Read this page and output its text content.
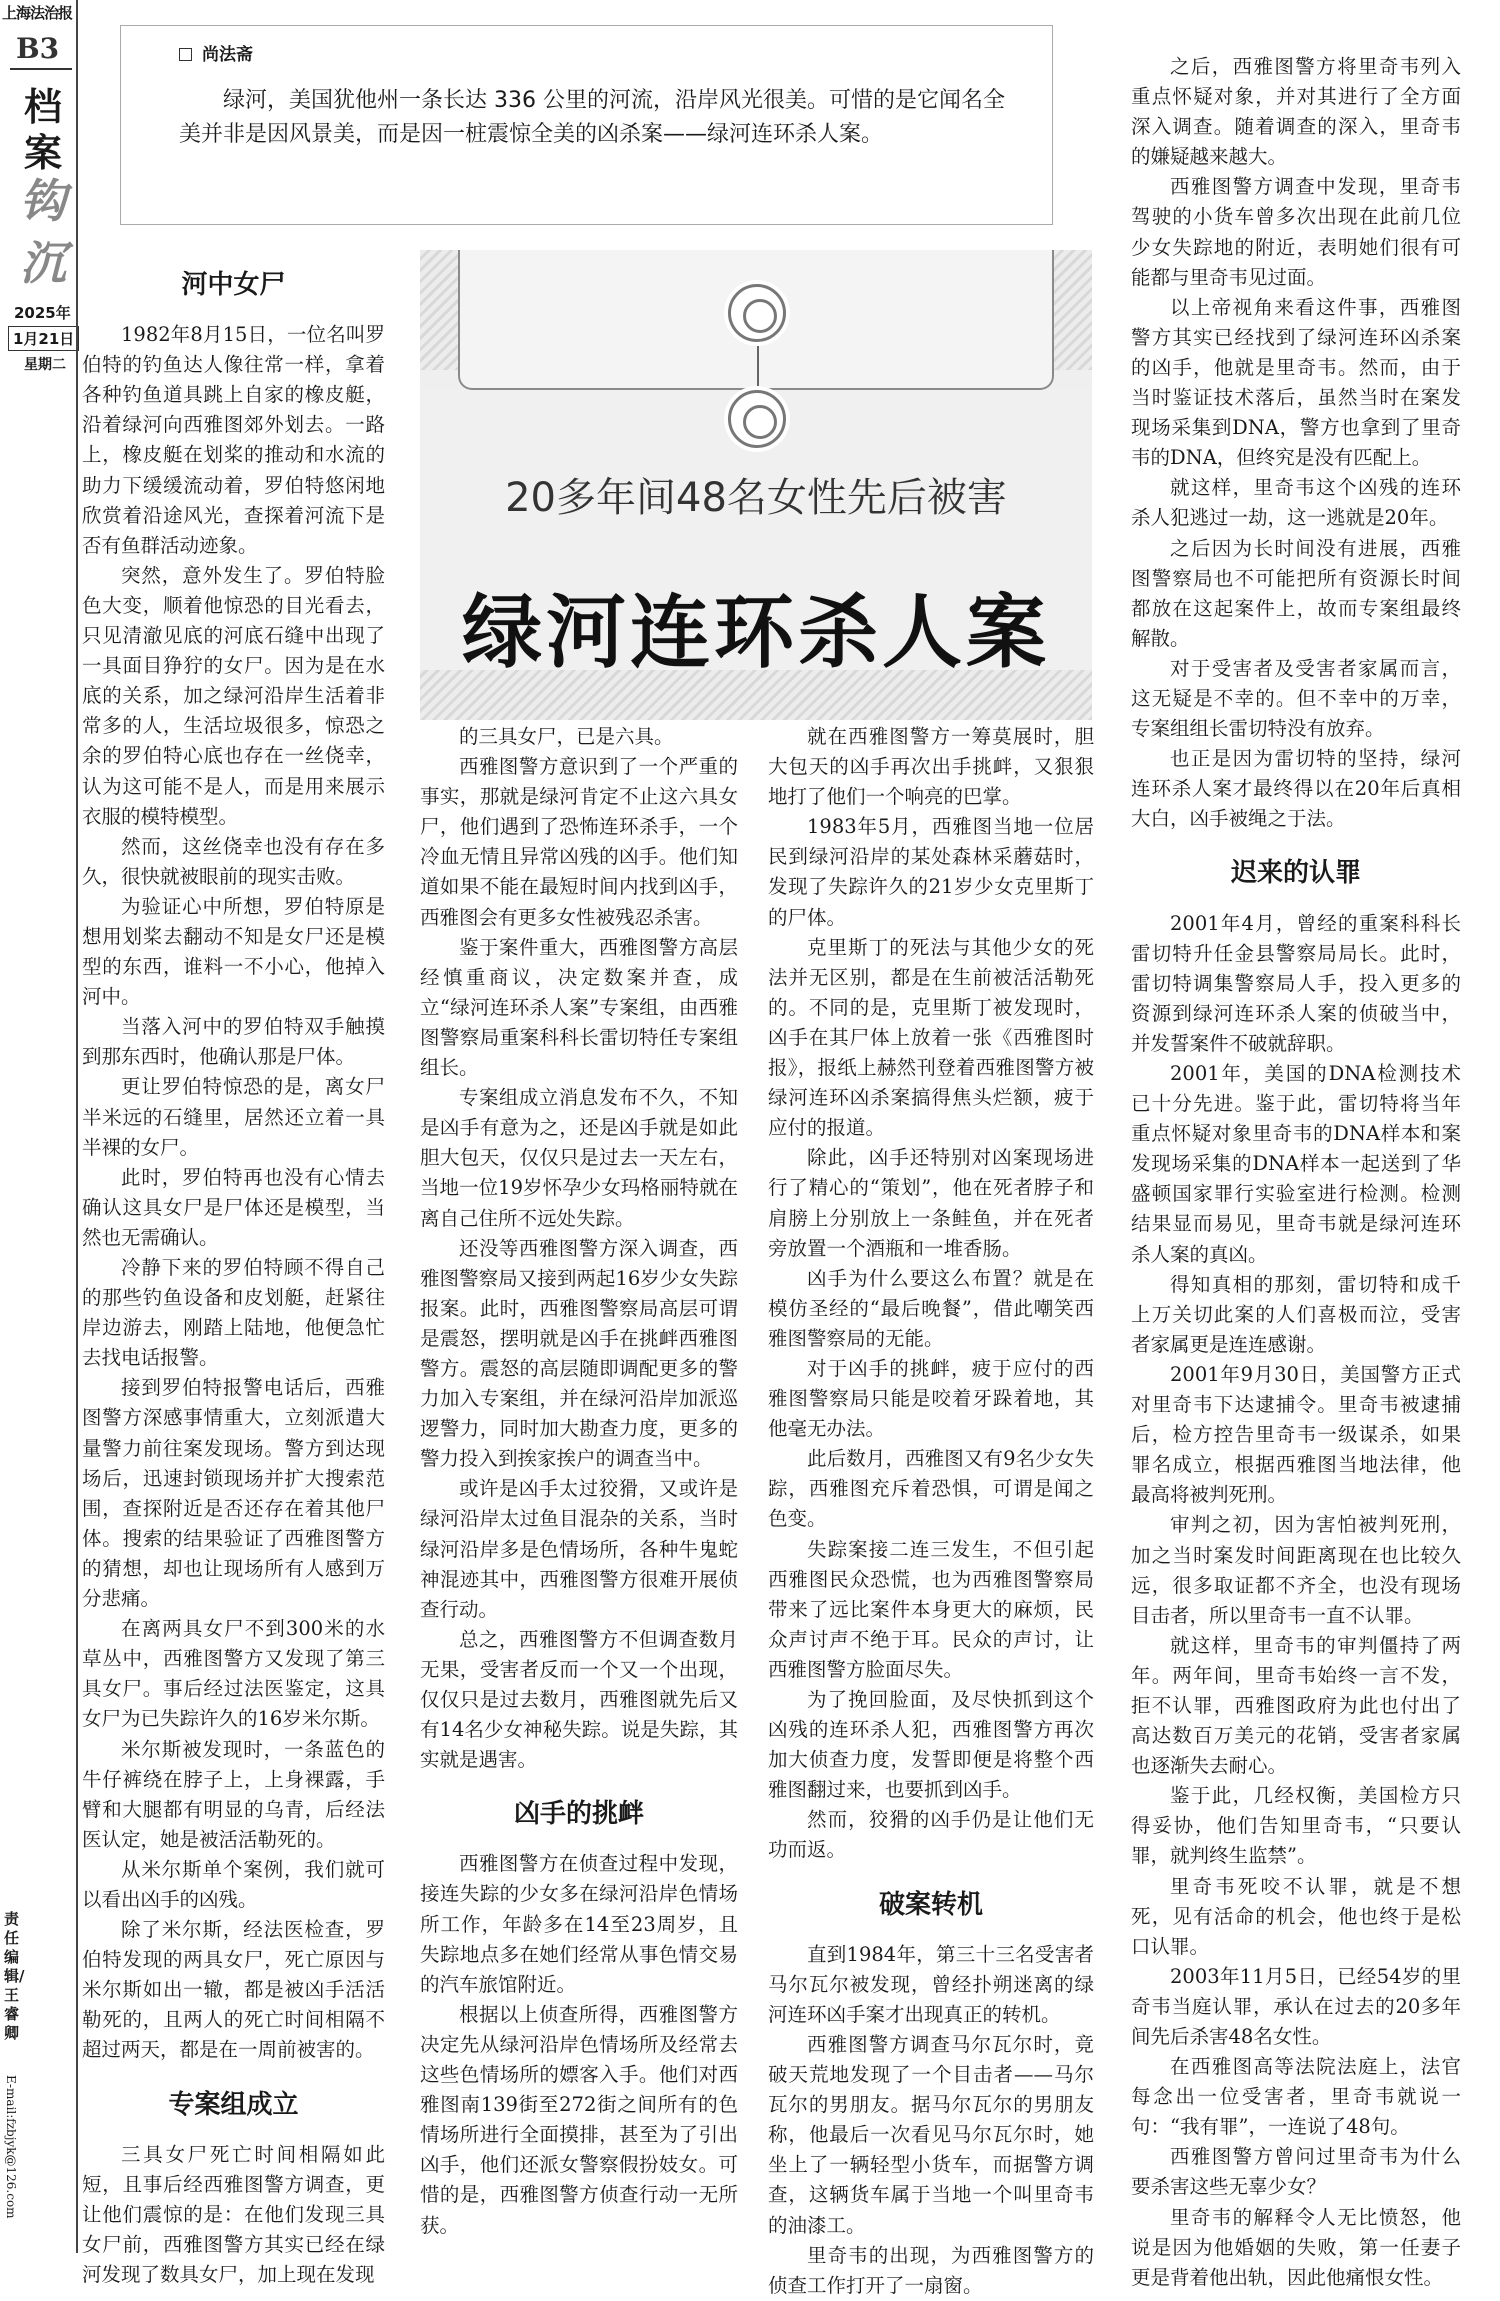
上海法治报
B3
档案
钩沉
2025年
1月21日
星期二
责任编辑/王睿卿
E-mail:fzbjyk@126.com
尚法斋
绿河，美国犹他州一条长达 336 公里的河流，沿岸风光很美。可惜的是它闻名全美并非是因风景美，而是因一桩震惊全美的凶杀案——绿河连环杀人案。
20多年间48名女性先后被害
绿河连环杀人案
河中女尸

1982年8月15日，一位名叫罗伯特的钓鱼达人像往常一样，拿着各种钓鱼道具跳上自家的橡皮艇，沿着绿河向西雅图郊外划去。一路上，橡皮艇在划桨的推动和水流的助力下缓缓流动着，罗伯特悠闲地欣赏着沿途风光，查探着河流下是否有鱼群活动迹象。

突然，意外发生了。罗伯特脸色大变，顺着他惊恐的目光看去，只见清澈见底的河底石缝中出现了一具面目狰狞的女尸。因为是在水底的关系，加之绿河沿岸生活着非常多的人，生活垃圾很多，惊恐之余的罗伯特心底也存在一丝侥幸，认为这可能不是人，而是用来展示衣服的模特模型。

然而，这丝侥幸也没有存在多久，很快就被眼前的现实击败。

为验证心中所想，罗伯特原是想用划桨去翻动不知是女尸还是模型的东西，谁料一不小心，他掉入河中。

当落入河中的罗伯特双手触摸到那东西时，他确认那是尸体。

更让罗伯特惊恐的是，离女尸半米远的石缝里，居然还立着一具半裸的女尸。

此时，罗伯特再也没有心情去确认这具女尸是尸体还是模型，当然也无需确认。

冷静下来的罗伯特顾不得自己的那些钓鱼设备和皮划艇，赶紧往岸边游去，刚踏上陆地，他便急忙去找电话报警。

接到罗伯特报警电话后，西雅图警方深感事情重大，立刻派遣大量警力前往案发现场。警方到达现场后，迅速封锁现场并扩大搜索范围，查探附近是否还存在着其他尸体。搜索的结果验证了西雅图警方的猜想，却也让现场所有人感到万分悲痛。

在离两具女尸不到300米的水草丛中，西雅图警方又发现了第三具女尸。事后经过法医鉴定，这具女尸为已失踪许久的16岁米尔斯。

米尔斯被发现时，一条蓝色的牛仔裤绕在脖子上，上身裸露，手臂和大腿都有明显的乌青，后经法医认定，她是被活活勒死的。

从米尔斯单个案例，我们就可以看出凶手的凶残。

除了米尔斯，经法医检查，罗伯特发现的两具女尸，死亡原因与米尔斯如出一辙，都是被凶手活活勒死的，且两人的死亡时间相隔不超过两天，都是在一周前被害的。

专案组成立

三具女尸死亡时间相隔如此短，且事后经西雅图警方调查，更让他们震惊的是：在他们发现三具女尸前，西雅图警方其实已经在绿河发现了数具女尸，加上现在发现

的三具女尸，已是六具。

西雅图警方意识到了一个严重的事实，那就是绿河肯定不止这六具女尸，他们遇到了恐怖连环杀手，一个冷血无情且异常凶残的凶手。他们知道如果不能在最短时间内找到凶手，西雅图会有更多女性被残忍杀害。

鉴于案件重大，西雅图警方高层经慎重商议，决定数案并查，成立“绿河连环杀人案”专案组，由西雅图警察局重案科科长雷切特任专案组组长。

专案组成立消息发布不久，不知是凶手有意为之，还是凶手就是如此胆大包天，仅仅只是过去一天左右，当地一位19岁怀孕少女玛格丽特就在离自己住所不远处失踪。

还没等西雅图警方深入调查，西雅图警察局又接到两起16岁少女失踪报案。此时，西雅图警察局高层可谓是震怒，摆明就是凶手在挑衅西雅图警方。震怒的高层随即调配更多的警力加入专案组，并在绿河沿岸加派巡逻警力，同时加大勘查力度，更多的警力投入到挨家挨户的调查当中。

或许是凶手太过狡猾，又或许是绿河沿岸太过鱼目混杂的关系，当时绿河沿岸多是色情场所，各种牛鬼蛇神混迹其中，西雅图警方很难开展侦查行动。

总之，西雅图警方不但调查数月无果，受害者反而一个又一个出现，仅仅只是过去数月，西雅图就先后又有14名少女神秘失踪。说是失踪，其实就是遇害。

凶手的挑衅

西雅图警方在侦查过程中发现，接连失踪的少女多在绿河沿岸色情场所工作，年龄多在14至23周岁，且失踪地点多在她们经常从事色情交易的汽车旅馆附近。

根据以上侦查所得，西雅图警方决定先从绿河沿岸色情场所及经常去这些色情场所的嫖客入手。他们对西雅图南139街至272街之间所有的色情场所进行全面摸排，甚至为了引出凶手，他们还派女警察假扮妓女。可惜的是，西雅图警方侦查行动一无所获。

就在西雅图警方一筹莫展时，胆大包天的凶手再次出手挑衅，又狠狠地打了他们一个响亮的巴掌。

1983年5月，西雅图当地一位居民到绿河沿岸的某处森林采蘑菇时，发现了失踪许久的21岁少女克里斯丁的尸体。

克里斯丁的死法与其他少女的死法并无区别，都是在生前被活活勒死的。不同的是，克里斯丁被发现时，凶手在其尸体上放着一张《西雅图时报》，报纸上赫然刊登着西雅图警方被绿河连环凶杀案搞得焦头烂额，疲于应付的报道。

除此，凶手还特别对凶案现场进行了精心的“策划”，他在死者脖子和肩膀上分别放上一条鲑鱼，并在死者旁放置一个酒瓶和一堆香肠。

凶手为什么要这么布置？就是在模仿圣经的“最后晚餐”，借此嘲笑西雅图警察局的无能。

对于凶手的挑衅，疲于应付的西雅图警察局只能是咬着牙跺着地，其他毫无办法。

此后数月，西雅图又有9名少女失踪，西雅图充斥着恐惧，可谓是闻之色变。

失踪案接二连三发生，不但引起西雅图民众恐慌，也为西雅图警察局带来了远比案件本身更大的麻烦，民众声讨声不绝于耳。民众的声讨，让西雅图警方脸面尽失。

为了挽回脸面，及尽快抓到这个凶残的连环杀人犯，西雅图警方再次加大侦查力度，发誓即便是将整个西雅图翻过来，也要抓到凶手。

然而，狡猾的凶手仍是让他们无功而返。

破案转机

直到1984年，第三十三名受害者马尔瓦尔被发现，曾经扑朔迷离的绿河连环凶手案才出现真正的转机。

西雅图警方调查马尔瓦尔时，竟破天荒地发现了一个目击者——马尔瓦尔的男朋友。据马尔瓦尔的男朋友称，他最后一次看见马尔瓦尔时，她坐上了一辆轻型小货车，而据警方调查，这辆货车属于当地一个叫里奇韦的油漆工。

里奇韦的出现，为西雅图警方的侦查工作打开了一扇窗。

之后，西雅图警方将里奇韦列入重点怀疑对象，并对其进行了全方面深入调查。随着调查的深入，里奇韦的嫌疑越来越大。

西雅图警方调查中发现，里奇韦驾驶的小货车曾多次出现在此前几位少女失踪地的附近，表明她们很有可能都与里奇韦见过面。

以上帝视角来看这件事，西雅图警方其实已经找到了绿河连环凶杀案的凶手，他就是里奇韦。然而，由于当时鉴证技术落后，虽然当时在案发现场采集到DNA，警方也拿到了里奇韦的DNA，但终究是没有匹配上。

就这样，里奇韦这个凶残的连环杀人犯逃过一劫，这一逃就是20年。

之后因为长时间没有进展，西雅图警察局也不可能把所有资源长时间都放在这起案件上，故而专案组最终解散。

对于受害者及受害者家属而言，这无疑是不幸的。但不幸中的万幸，专案组组长雷切特没有放弃。

也正是因为雷切特的坚持，绿河连环杀人案才最终得以在20年后真相大白，凶手被绳之于法。

迟来的认罪

2001年4月，曾经的重案科科长雷切特升任金县警察局局长。此时，雷切特调集警察局人手，投入更多的资源到绿河连环杀人案的侦破当中，并发誓案件不破就辞职。

2001年，美国的DNA检测技术已十分先进。鉴于此，雷切特将当年重点怀疑对象里奇韦的DNA样本和案发现场采集的DNA样本一起送到了华盛顿国家罪行实验室进行检测。检测结果显而易见，里奇韦就是绿河连环杀人案的真凶。

得知真相的那刻，雷切特和成千上万关切此案的人们喜极而泣，受害者家属更是连连感谢。

2001年9月30日，美国警方正式对里奇韦下达逮捕令。里奇韦被逮捕后，检方控告里奇韦一级谋杀，如果罪名成立，根据西雅图当地法律，他最高将被判死刑。

审判之初，因为害怕被判死刑，加之当时案发时间距离现在也比较久远，很多取证都不齐全，也没有现场目击者，所以里奇韦一直不认罪。

就这样，里奇韦的审判僵持了两年。两年间，里奇韦始终一言不发，拒不认罪，西雅图政府为此也付出了高达数百万美元的花销，受害者家属也逐渐失去耐心。

鉴于此，几经权衡，美国检方只得妥协，他们告知里奇韦，“只要认罪，就判终生监禁”。

里奇韦死咬不认罪，就是不想死，见有活命的机会，他也终于是松口认罪。

2003年11月5日，已经54岁的里奇韦当庭认罪，承认在过去的20多年间先后杀害48名女性。

在西雅图高等法院法庭上，法官每念出一位受害者，里奇韦就说一句：“我有罪”，一连说了48句。

西雅图警方曾问过里奇韦为什么要杀害这些无辜少女？

里奇韦的解释令人无比愤怒，他说是因为他婚姻的失败，第一任妻子更是背着他出轨，因此他痛恨女性。
